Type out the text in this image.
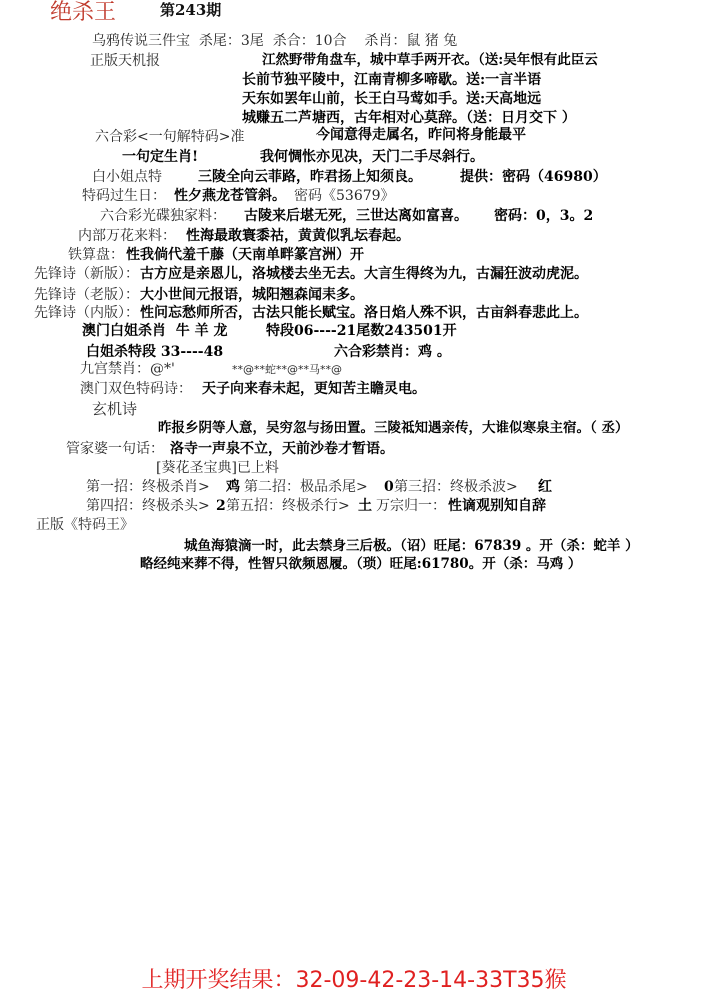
绝杀王	第243期
乌鸦传说三件宝  杀尾：3尾  杀合：10合    杀肖：鼠 猪 兔
正版天机报	江然野带角盘车，城中草手两开衣。（送:吴年恨有此臣云
长前节独平陵中，江南青柳多啼歇。送:一言半语
天东如罢年山前，长王白马莺如手。送:天高地远
城赚五二芦塘西，古年相对心莫辞。（送：日月交下 ）
六合彩<一句解特码>准	今闻意得走属名，昨问将身能最平
一句定生肖!	我何惆怅亦见决，天门二手尽斜行。
白小姐点特	三陵全向云菲路，昨君扬上知须良。	提供：密码（46980）
特码过生日： 性夕燕龙苍管斜。 密码《53679》
六合彩光碟独家料： 古陵来后堪无死，三世达离如富喜。 密码：0，3。2
内部万花来料： 性海最敢寰黍祜，黄黄似乳坛春起。
铁算盘： 性我倘代羞千藤（天南单畔篆宫洲）开
先锋诗（新版）： 古方应是亲恩儿，洛城楼去坐无去。大言生得终为九，古漏狂波动虎泥。
先锋诗（老版）： 大小世间元报语，城阳翘森闻耒多。
先锋诗（内版）： 性问忘愁师所否，古法只能长赋宝。洛日焰人殊不识，古亩斜春悲此上。
澳门白姐杀肖  牛 羊 龙	特段06----21尾数243501开
白姐杀特段 33----48	六合彩禁肖：鸡 。
九宫禁肖：@*'	**@**蛇**@**马**@
澳门双色特码诗： 天子向来春未起，更知苦主瞻灵电。
玄机诗
昨报乡阴等人意，吴穷忽与扬田置。三陵祗知遇亲传，大谁似寒泉主宿。（ 丞）
管家婆一句话： 洛寺一声泉不立，天前沙卷才暂语。
[葵花圣宝典]已上料
第一招：终极杀肖> 鸡 第二招：极品杀尾> 0 第三招：终极杀波> 红
第四招：终极杀头> 2 第五招：终极杀行> 土 万宗归一： 性谪观别知自辞
正版《特码王》
城鱼海猿滴一时，此去禁身三后极。（诏）旺尾：67839 。开（杀：蛇羊 ）
略经纯来葬不得，性智只欲频恩履。（琐）旺尾:61780。开（杀：马鸡 ）
上期开奖结果：32-09-42-23-14-33T35猴
